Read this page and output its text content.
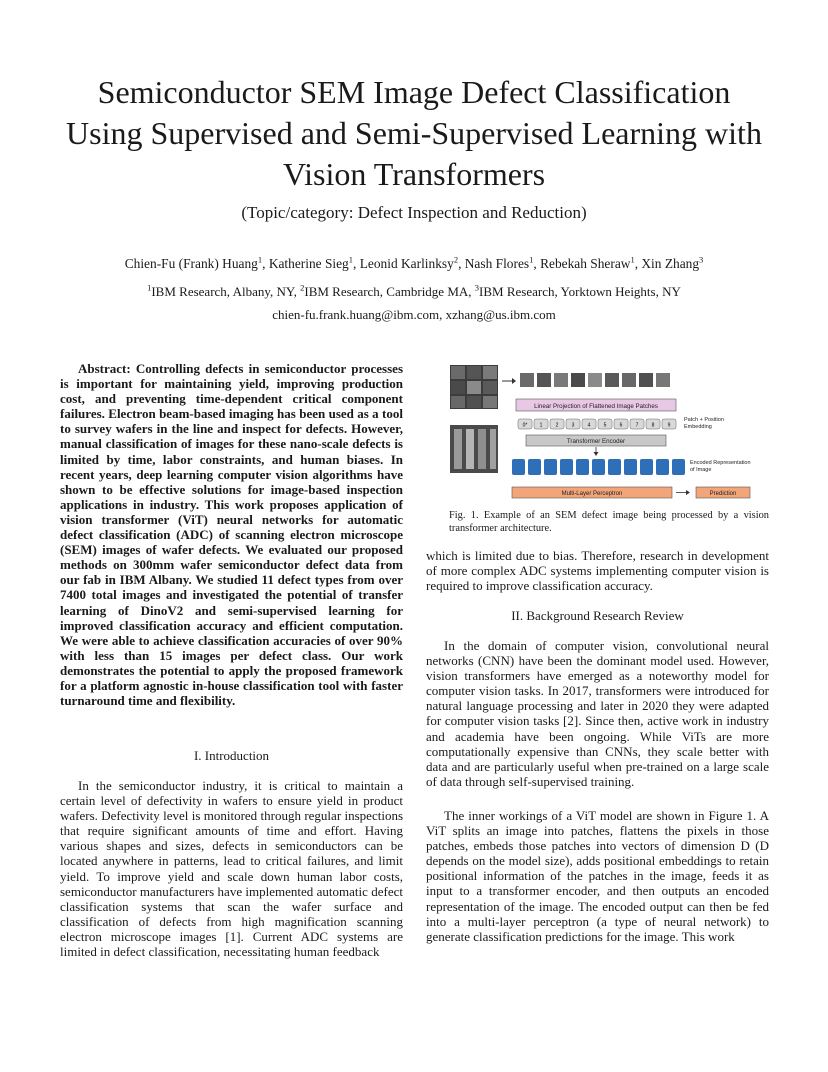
Semiconductor SEM Image Defect Classification
Using Supervised and Semi-Supervised Learning with
Vision Transformers
(Topic/category: Defect Inspection and Reduction)
Chien-Fu (Frank) Huang$^1$, Katherine Sieg$^1$, Leonid Karlinksy$^2$, Nash Flores$^1$, Rebekah Sheraw$^1$, Xin Zhang$^3$
$^1$IBM Research, Albany, NY, $^2$IBM Research, Cambridge MA, $^3$IBM Research, Yorktown Heights, NY
chien-fu.frank.huang@ibm.com, xzhang@us.ibm.com

Abstract: Controlling defects in semiconductor processes is important for maintaining yield, improving production cost, and preventing time-dependent critical component failures. Electron beam-based imaging has been used as a tool to survey wafers in the line and inspect for defects. However, manual classification of images for these nano-scale defects is limited by time, labor constraints, and human biases. In recent years, deep learning computer vision algorithms have shown to be effective solutions for image-based inspection applications in industry. This work proposes application of vision transformer (ViT) neural networks for automatic defect classification (ADC) of scanning electron microscope (SEM) images of wafer defects. We evaluated our proposed methods on 300mm wafer semiconductor defect data from our fab in IBM Albany. We studied 11 defect types from over 7400 total images and investigated the potential of transfer learning of DinoV2 and semi-supervised learning for improved classification accuracy and efficient computation. We were able to achieve classification accuracies of over 90% with less than 15 images per defect class. Our work demonstrates the potential to apply the proposed framework for a platform agnostic in-house classification tool with faster turnaround time and flexibility.

I. Introduction

In the semiconductor industry, it is critical to maintain a certain level of defectivity in wafers to ensure yield in product wafers. Defectivity level is monitored through regular inspections that require significant amounts of time and effort. Having various shapes and sizes, defects in semiconductors can be located anywhere in patterns, lead to critical failures, and limit yield. To improve yield and scale down human labor costs, semiconductor manufacturers have implemented automatic defect classification systems that scan the wafer surface and classification of defects from high magnification scanning electron microscope images [1]. Current ADC systems are limited in defect classification, necessitating human feedback

Linear Projection of Flattened Image Patches
0* 1	2	3	4	5	6	7	8	9
Patch + Position
Embedding
Transformer Encoder
Encoded Representation
of Image
Multi-Layer Perceptron	Prediction
Fig. 1. Example of an SEM defect image being processed by a vision transformer architecture.

which is limited due to bias. Therefore, research in development of more complex ADC systems implementing computer vision is required to improve classification accuracy.

II. Background Research Review

In the domain of computer vision, convolutional neural networks (CNN) have been the dominant model used. However, vision transformers have emerged as a noteworthy model for computer vision tasks. In 2017, transformers were introduced for natural language processing and later in 2020 they were adapted for computer vision tasks [2]. Since then, active work in industry and academia have been ongoing. While ViTs are more computationally expensive than CNNs, they scale better with data and are particularly useful when pre-trained on a large scale of data through self-supervised training.

The inner workings of a ViT model are shown in Figure 1. A ViT splits an image into patches, flattens the pixels in those patches, embeds those patches into vectors of dimension D (D depends on the model size), adds positional embeddings to retain positional information of the patches in the image, feeds it as input to a transformer encoder, and then outputs an encoded representation of the image. The encoded output can then be fed into a multi-layer perceptron (a type of neural network) to generate classification predictions for the image. This work
